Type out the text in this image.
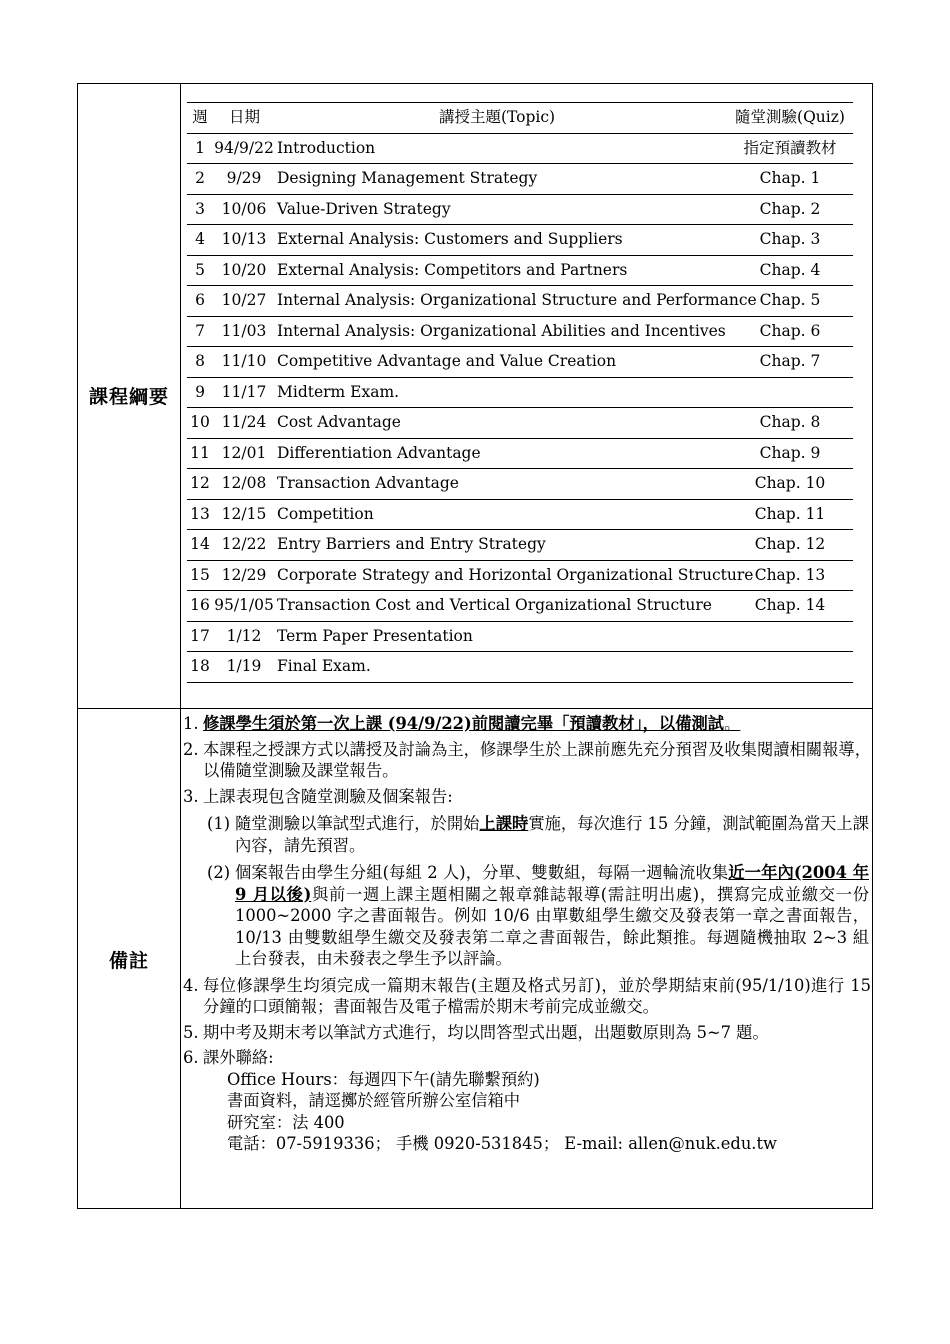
課程綱要
備註
週	日期	講授主題(Topic)	隨堂測驗(Quiz)
1 94/9/22 Introduction	指定預讀教材
2	9/29	Designing Management Strategy	Chap. 1
3	10/06 Value-Driven Strategy	Chap. 2
4	10/13 External Analysis: Customers and Suppliers	Chap. 3
5	10/20 External Analysis: Competitors and Partners	Chap. 4
6	10/27 Internal Analysis: Organizational Structure and Performance Chap. 5
7	11/03 Internal Analysis: Organizational Abilities and Incentives	Chap. 6
8	11/10 Competitive Advantage and Value Creation	Chap. 7
9	11/17 Midterm Exam.
10 11/24 Cost Advantage	Chap. 8
11 12/01 Differentiation Advantage	Chap. 9
12 12/08 Transaction Advantage	Chap. 10
13 12/15 Competition	Chap. 11
14 12/22 Entry Barriers and Entry Strategy	Chap. 12
15 12/29 Corporate Strategy and Horizontal Organizational Structure Chap. 13
16 95/1/05 Transaction Cost and Vertical Organizational Structure	Chap. 14
17	1/12	Term Paper Presentation
18	1/19	Final Exam.
1. 修課學生須於第一次上課 (94/9/22)前閱讀完畢「預讀教材」，以備測試。
2. 本課程之授課方式以講授及討論為主，修課學生於上課前應先充分預習及收集閱讀相關報導，以備隨堂測驗及課堂報告。
3. 上課表現包含隨堂測驗及個案報告:
(1) 隨堂測驗以筆試型式進行，於開始上課時實施，每次進行 15 分鐘，測試範圍為當天上課內容，請先預習。
(2) 個案報告由學生分組(每組 2 人)，分單、雙數組，每隔一週輪流收集近一年內(2004 年 9 月以後)與前一週上課主題相關之報章雜誌報導(需註明出處)，撰寫完成並繳交一份 1000~2000 字之書面報告。例如 10/6 由單數組學生繳交及發表第一章之書面報告，10/13 由雙數組學生繳交及發表第二章之書面報告，餘此類推。每週隨機抽取 2~3 組上台發表，由未發表之學生予以評論。
4. 每位修課學生均須完成一篇期末報告(主題及格式另訂)，並於學期結束前(95/1/10)進行 15 分鐘的口頭簡報；書面報告及電子檔需於期末考前完成並繳交。
5. 期中考及期末考以筆試方式進行，均以問答型式出題，出題數原則為 5~7 題。
6. 課外聯絡:
Office Hours：每週四下午(請先聯繫預約)
書面資料，請逕擲於經管所辦公室信箱中
研究室：法 400
電話：07-5919336； 手機 0920-531845； E-mail: allen@nuk.edu.tw
